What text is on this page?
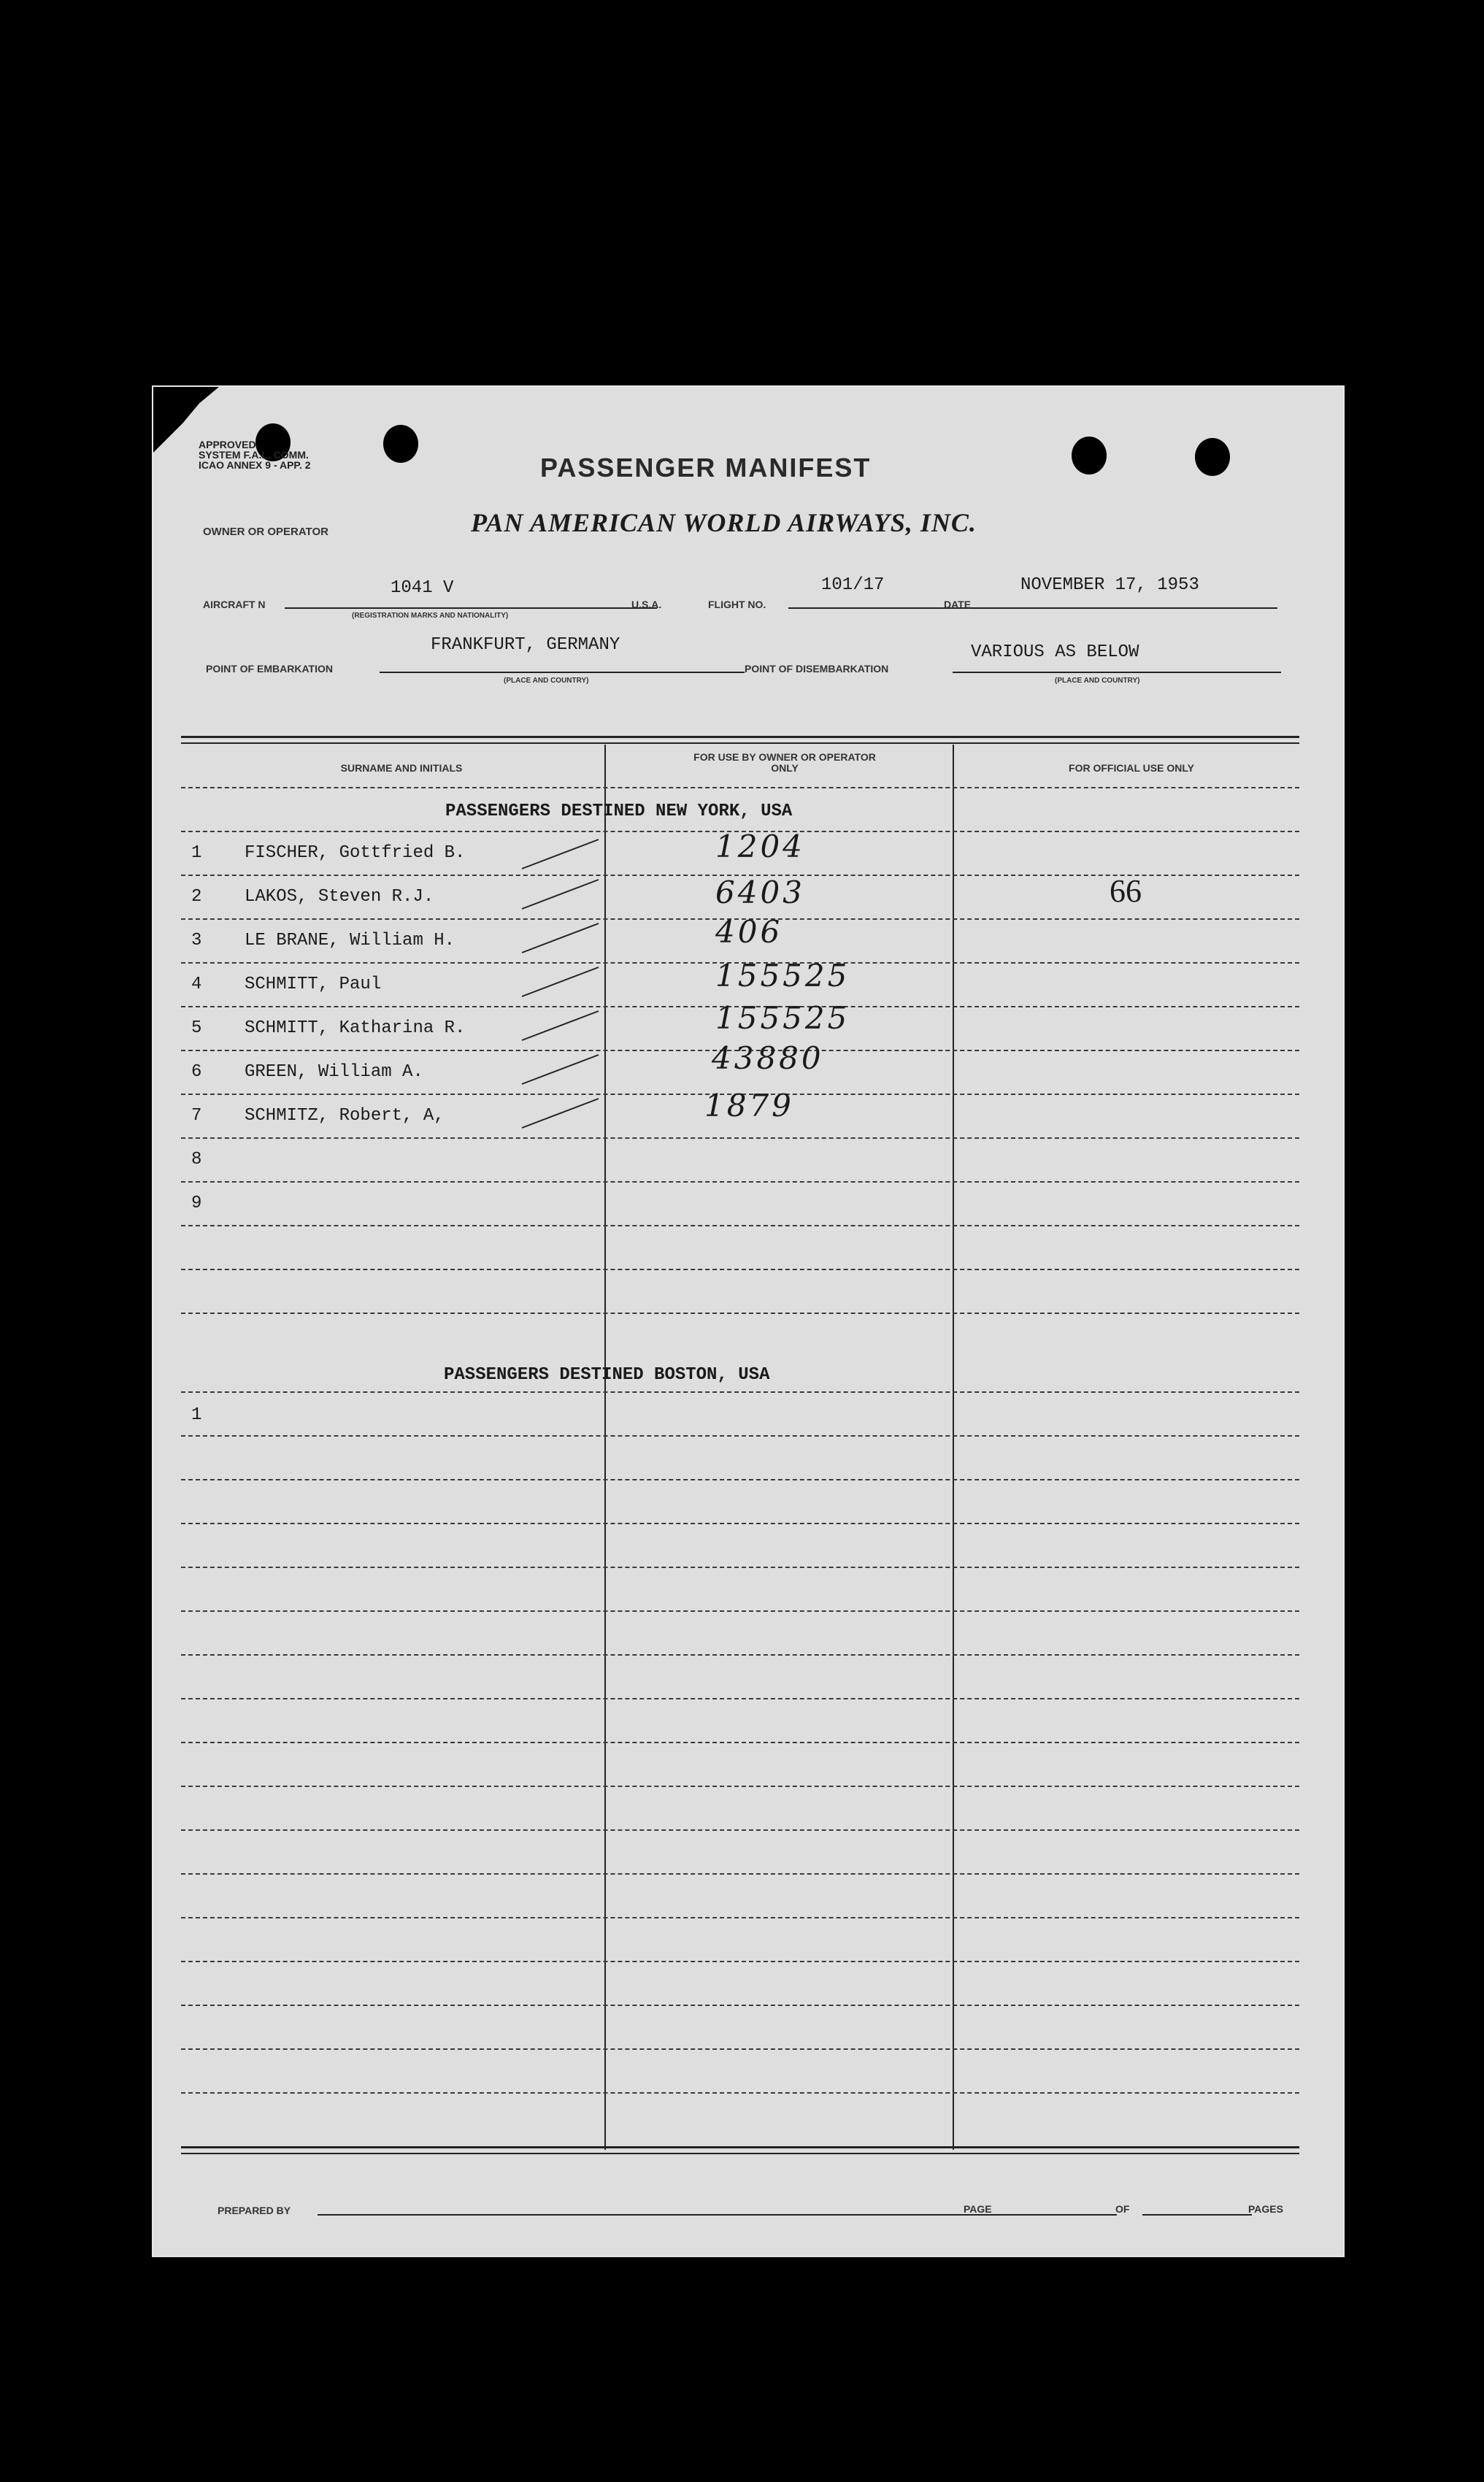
APPROVED
SYSTEM F.A.L. COMM.
ICAO ANNEX 9 - APP. 2	PASSENGER MANIFEST
OWNER OR OPERATOR	PAN AMERICAN WORLD AIRWAYS, INC.
AIRCRAFT N
1041 V
(REGISTRATION MARKS AND NATIONALITY)
U.S.A.	FLIGHT NO.
101/17
DATE
NOVEMBER 17, 1953
POINT OF EMBARKATION
FRANKFURT, GERMANY
(PLACE AND COUNTRY)
POINT OF DISEMBARKATION
VARIOUS AS BELOW
(PLACE AND COUNTRY)
SURNAME AND INITIALS
FOR USE BY OWNER OR OPERATOR ONLY	FOR OFFICIAL USE ONLY
PASSENGERS DESTINED NEW YORK, USA
PASSENGERS DESTINED BOSTON, USA
1 FISCHER, Gottfried B.	1204
2 LAKOS, Steven R.J.	6403	66
3 LE BRANE, William H.	406
4 SCHMITT, Paul	155525
5 SCHMITT, Katharina R.	155525
6 GREEN, William A.	43880
7 SCHMITZ, Robert, A,	1879
8
9
1
PREPARED BY	PAGE	OF	PAGES
